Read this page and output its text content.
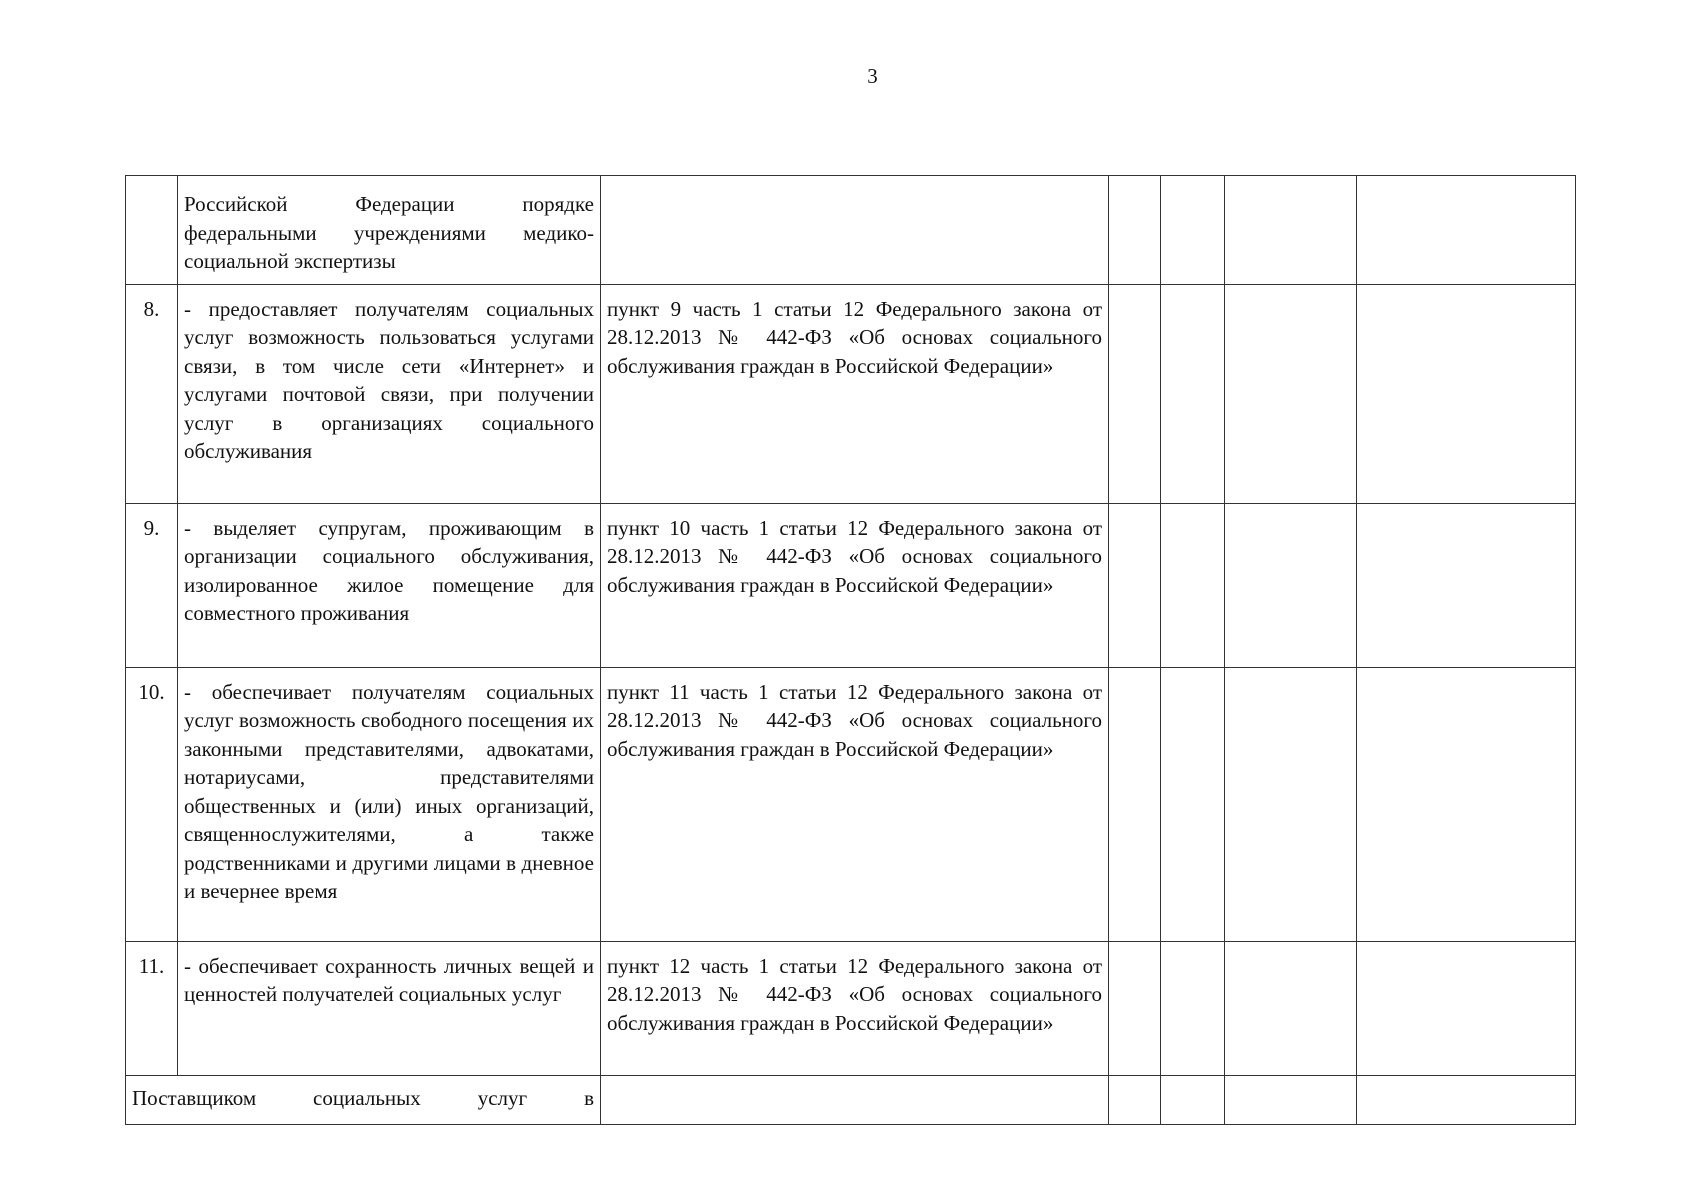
3
	Российской Федерации порядке федеральными учреждениями медико-социальной экспертизы					
8.	- предоставляет получателям социальных услуг возможность пользоваться услугами связи, в том числе сети «Интернет» и услугами почтовой связи, при получении услуг в организациях социального обслуживания	пункт 9 часть 1 статьи 12 Федерального закона от 28.12.2013 № 442-ФЗ «Об основах социального обслуживания граждан в Российской Федерации»				
9.	- выделяет супругам, проживающим в организации социального обслуживания, изолированное жилое помещение для совместного проживания	пункт 10 часть 1 статьи 12 Федерального закона от 28.12.2013 № 442-ФЗ «Об основах социального обслуживания граждан в Российской Федерации»				
10.	- обеспечивает получателям социальных услуг возможность свободного посещения их законными представителями, адвокатами, нотариусами, представителями общественных и (или) иных организаций, священнослужителями, а также родственниками и другими лицами в дневное и вечернее время	пункт 11 часть 1 статьи 12 Федерального закона от 28.12.2013 № 442-ФЗ «Об основах социального обслуживания граждан в Российской Федерации»				
11.	- обеспечивает сохранность личных вещей и ценностей получателей социальных услуг	пункт 12 часть 1 статьи 12 Федерального закона от 28.12.2013 № 442-ФЗ «Об основах социального обслуживания граждан в Российской Федерации»				
Поставщиком социальных услуг в						
